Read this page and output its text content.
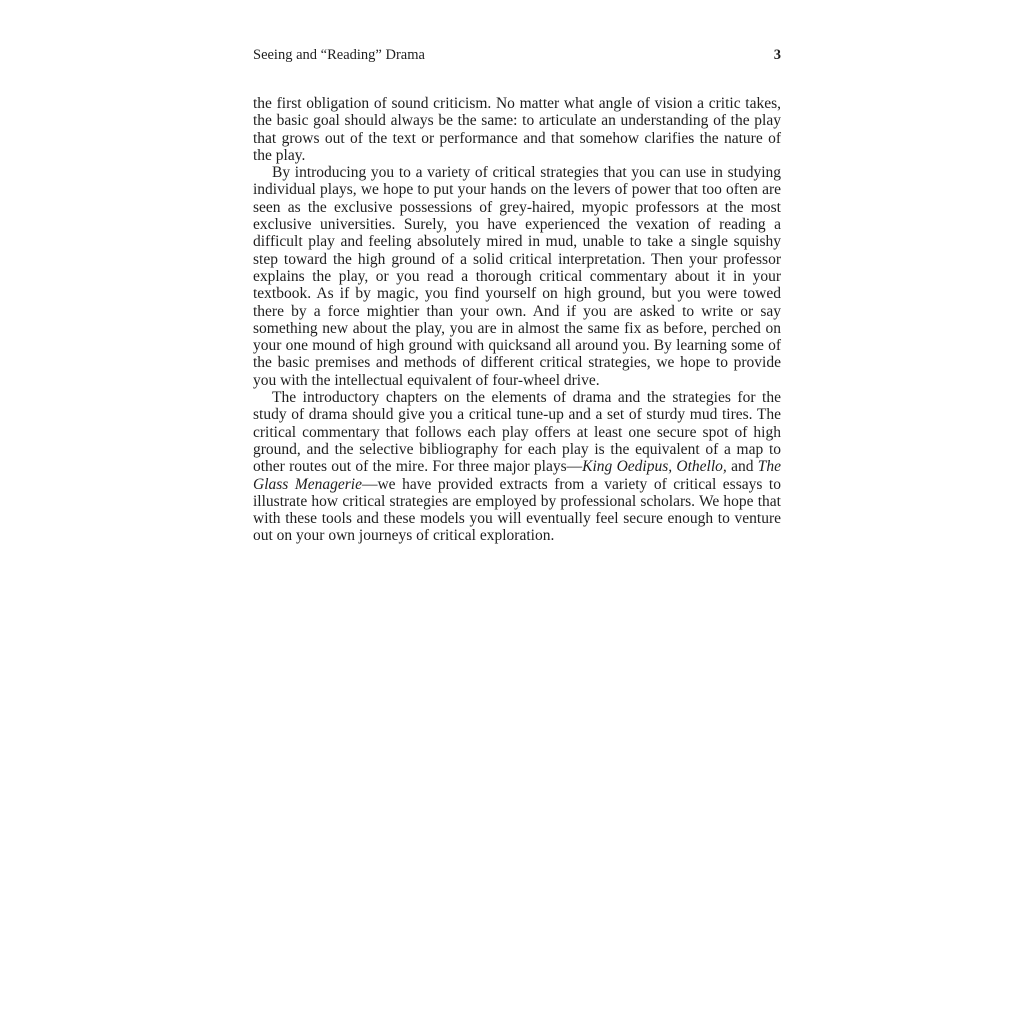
Seeing and “Reading” Drama	3

the first obligation of sound criticism. No matter what angle of vision a critic takes, the basic goal should always be the same: to articulate an understanding of the play that grows out of the text or performance and that somehow clarifies the nature of the play.

By introducing you to a variety of critical strategies that you can use in studying individual plays, we hope to put your hands on the levers of power that too often are seen as the exclusive possessions of grey-haired, myopic professors at the most exclusive universities. Surely, you have experienced the vexation of reading a difficult play and feeling absolutely mired in mud, unable to take a single squishy step toward the high ground of a solid critical interpretation. Then your professor explains the play, or you read a thorough critical commentary about it in your textbook. As if by magic, you find yourself on high ground, but you were towed there by a force mightier than your own. And if you are asked to write or say something new about the play, you are in almost the same fix as before, perched on your one mound of high ground with quicksand all around you. By learning some of the basic premises and methods of different critical strategies, we hope to provide you with the intellectual equivalent of four-wheel drive.

The introductory chapters on the elements of drama and the strategies for the study of drama should give you a critical tune-up and a set of sturdy mud tires. The critical commentary that follows each play offers at least one secure spot of high ground, and the selective bibliography for each play is the equivalent of a map to other routes out of the mire. For three major plays—King Oedipus, Othello, and The Glass Menagerie—we have provided extracts from a variety of critical essays to illustrate how critical strategies are employed by professional scholars. We hope that with these tools and these models you will eventually feel secure enough to venture out on your own journeys of critical exploration.
